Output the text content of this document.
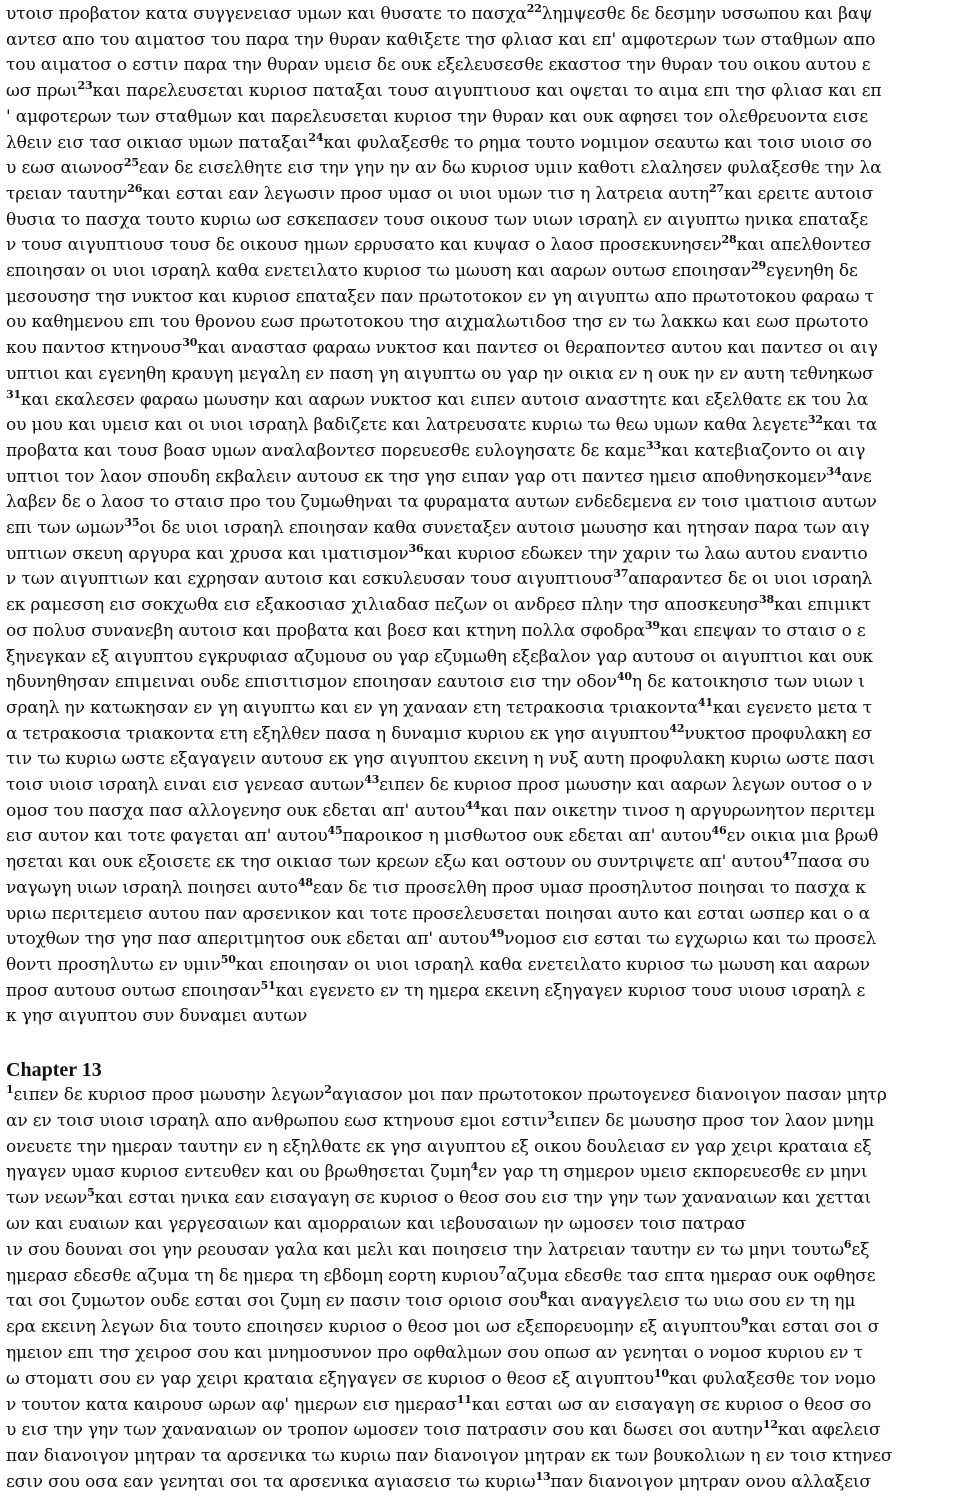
υτοισ προβατον κατα συγγενειασ υμων και θυσατε το πασχα$^{22}$λημψεσθε δε δεσμην υσσωπου και βαψ
αντεσ απο του αιματοσ του παρα την θυραν καθιξετε τησ φλιασ και επ' αμφοτερων των σταθμων απο
του αιματοσ ο εστιν παρα την θυραν υμεισ δε ουκ εξελευσεσθε εκαστοσ την θυραν του οικου αυτου ε
ωσ πρωι$^{23}$και παρελευσεται κυριοσ παταξαι τουσ αιγυπτιουσ και οψεται το αιμα επι τησ φλιασ και επ
' αμφοτερων των σταθμων και παρελευσεται κυριοσ την θυραν και ουκ αφησει τον ολεθρευοντα εισε
λθειν εισ τασ οικιασ υμων παταξαι$^{24}$και φυλαξεσθε το ρημα τουτο νομιμον σεαυτω και τοισ υιοισ σο
υ εωσ αιωνοσ$^{25}$εαν δε εισελθητε εισ την γην ην αν δω κυριοσ υμιν καθοτι ελαλησεν φυλαξεσθε την λα
τρειαν ταυτην$^{26}$και εσται εαν λεγωσιν προσ υμασ οι υιοι υμων τισ η λατρεια αυτη$^{27}$και ερειτε αυτοισ
θυσια το πασχα τουτο κυριω ωσ εσκεπασεν τουσ οικουσ των υιων ισραηλ εν αιγυπτω ηνικα επαταξε
ν τουσ αιγυπτιουσ τουσ δε οικουσ ημων ερρυσατο και κυψασ ο λαοσ προσεκυνησεν$^{28}$και απελθοντεσ
εποιησαν οι υιοι ισραηλ καθα ενετειλατο κυριοσ τω μωυση και ααρων ουτωσ εποιησαν$^{29}$εγενηθη δε
μεσουσησ τησ νυκτοσ και κυριοσ επαταξεν παν πρωτοτοκον εν γη αιγυπτω απο πρωτοτοκου φαραω τ
ου καθημενου επι του θρονου εωσ πρωτοτοκου τησ αιχμαλωτιδοσ τησ εν τω λακκω και εωσ πρωτοτο
κου παντοσ κτηνουσ$^{30}$και αναστασ φαραω νυκτοσ και παντεσ οι θεραποντεσ αυτου και παντεσ οι αιγ
υπτιοι και εγενηθη κραυγη μεγαλη εν παση γη αιγυπτω ου γαρ ην οικια εν η ουκ ην εν αυτη τεθνηκωσ
$^{31}$και εκαλεσεν φαραω μωυσην και ααρων νυκτοσ και ειπεν αυτοισ αναστητε και εξελθατε εκ του λα
ου μου και υμεισ και οι υιοι ισραηλ βαδιζετε και λατρευσατε κυριω τω θεω υμων καθα λεγετε$^{32}$και τα
προβατα και τουσ βοασ υμων αναλαβοντεσ πορευεσθε ευλογησατε δε καμε$^{33}$και κατεβιαζοντο οι αιγ
υπτιοι τον λαον σπουδη εκβαλειν αυτουσ εκ τησ γησ ειπαν γαρ οτι παντεσ ημεισ αποθνησκομεν$^{34}$ανε
λαβεν δε ο λαοσ το σταισ προ του ζυμωθηναι τα φυραματα αυτων ενδεδεμενα εν τοισ ιματιοισ αυτων
επι των ωμων$^{35}$οι δε υιοι ισραηλ εποιησαν καθα συνεταξεν αυτοισ μωυσησ και ητησαν παρα των αιγ
υπτιων σκευη αργυρα και χρυσα και ιματισμον$^{36}$και κυριοσ εδωκεν την χαριν τω λαω αυτου εναντιο
ν των αιγυπτιων και εχρησαν αυτοισ και εσκυλευσαν τουσ αιγυπτιουσ$^{37}$απαραντεσ δε οι υιοι ισραηλ
εκ ραμεσση εισ σοκχωθα εισ εξακοσιασ χιλιαδασ πεζων οι ανδρεσ πλην τησ αποσκευησ$^{38}$και επιμικτ
οσ πολυσ συνανεβη αυτοισ και προβατα και βοεσ και κτηνη πολλα σφοδρα$^{39}$και επεψαν το σταισ ο ε
ξηνεγκαν εξ αιγυπτου εγκρυφιασ αζυμουσ ου γαρ εζυμωθη εξεβαλον γαρ αυτουσ οι αιγυπτιοι και ουκ
ηδυνηθησαν επιμειναι ουδε επισιτισμον εποιησαν εαυτοισ εισ την οδον$^{40}$η δε κατοικησισ των υιων ι
σραηλ ην κατωκησαν εν γη αιγυπτω και εν γη χανααν ετη τετρακοσια τριακοντα$^{41}$και εγενετο μετα τ
α τετρακοσια τριακοντα ετη εξηλθεν πασα η δυναμισ κυριου εκ γησ αιγυπτου$^{42}$νυκτοσ προφυλακη εσ
τιν τω κυριω ωστε εξαγαγειν αυτουσ εκ γησ αιγυπτου εκεινη η νυξ αυτη προφυλακη κυριω ωστε πασι
τοισ υιοισ ισραηλ ειναι εισ γενεασ αυτων$^{43}$ειπεν δε κυριοσ προσ μωυσην και ααρων λεγων ουτοσ ο ν
ομοσ του πασχα πασ αλλογενησ ουκ εδεται απ' αυτου$^{44}$και παν οικετην τινοσ η αργυρωνητον περιτεμ
εισ αυτον και τοτε φαγεται απ' αυτου$^{45}$παροικοσ η μισθωτοσ ουκ εδεται απ' αυτου$^{46}$εν οικια μια βρωθ
ησεται και ουκ εξοισετε εκ τησ οικιασ των κρεων εξω και οστουν ου συντριψετε απ' αυτου$^{47}$πασα συ
ναγωγη υιων ισραηλ ποιησει αυτο$^{48}$εαν δε τισ προσελθη προσ υμασ προσηλυτοσ ποιησαι το πασχα κ
υριω περιτεμεισ αυτου παν αρσενικον και τοτε προσελευσεται ποιησαι αυτο και εσται ωσπερ και ο α
υτοχθων τησ γησ πασ απεριτμητοσ ουκ εδεται απ' αυτου$^{49}$νομοσ εισ εσται τω εγχωριω και τω προσελ
θοντι προσηλυτω εν υμιν$^{50}$και εποιησαν οι υιοι ισραηλ καθα ενετειλατο κυριοσ τω μωυση και ααρων
προσ αυτουσ ουτωσ εποιησαν$^{51}$και εγενετο εν τη ημερα εκεινη εξηγαγεν κυριοσ τουσ υιουσ ισραηλ ε
κ γησ αιγυπτου συν δυναμει αυτων
Chapter 13
$^1$ειπεν δε κυριοσ προσ μωυσην λεγων$^2$αγιασον μοι παν πρωτοτοκον πρωτογενεσ διανοιγον πασαν μητρ
αν εν τοισ υιοισ ισραηλ απο ανθρωπου εωσ κτηνουσ εμοι εστιν$^3$ειπεν δε μωυσησ προσ τον λαον μνημ
ονευετε την ημεραν ταυτην εν η εξηλθατε εκ γησ αιγυπτου εξ οικου δουλειασ εν γαρ χειρι κραταια εξ
ηγαγεν υμασ κυριοσ εντευθεν και ου βρωθησεται ζυμη$^4$εν γαρ τη σημερον υμεισ εκπορευεσθε εν μηνι
των νεων$^5$και εσται ηνικα εαν εισαγαγη σε κυριοσ ο θεοσ σου εισ την γην των χαναναιων και χετται
ων και ευαιων και γεργεσαιων και αμορραιων και ιεβουσαιων ην ωμοσεν τοισ πατρασ
ιν σου δουναι σοι γην ρεουσαν γαλα και μελι και ποιησεισ την λατρειαν ταυτην εν τω μηνι τουτω$^6$εξ
ημερασ εδεσθε αζυμα τη δε ημερα τη εβδομη εορτη κυριου$^7$αζυμα εδεσθε τασ επτα ημερασ ουκ οφθησε
ται σοι ζυμωτον ουδε εσται σοι ζυμη εν πασιν τοισ οριοισ σου$^8$και αναγγελεισ τω υιω σου εν τη ημ
ερα εκεινη λεγων δια τουτο εποιησεν κυριοσ ο θεοσ μοι ωσ εξεπορευομην εξ αιγυπτου$^9$και εσται σοι σ
ημειον επι τησ χειροσ σου και μνημοσυνον προ οφθαλμων σου οπωσ αν γενηται ο νομοσ κυριου εν τ
ω στοματι σου εν γαρ χειρι κραταια εξηγαγεν σε κυριοσ ο θεοσ εξ αιγυπτου$^{10}$και φυλαξεσθε τον νομο
ν τουτον κατα καιρουσ ωρων αφ' ημερων εισ ημερασ$^{11}$και εσται ωσ αν εισαγαγη σε κυριοσ ο θεοσ σο
υ εισ την γην των χαναναιων ον τροπον ωμοσεν τοισ πατρασιν σου και δωσει σοι αυτην$^{12}$και αφελεισ
παν διανοιγον μητραν τα αρσενικα τω κυριω παν διανοιγον μητραν εκ των βουκολιων η εν τοισ κτηνεσ
εσιν σου οσα εαν γενηται σοι τα αρσενικα αγιασεισ τω κυριω$^{13}$παν διανοιγον μητραν ονου αλλαξεισ
